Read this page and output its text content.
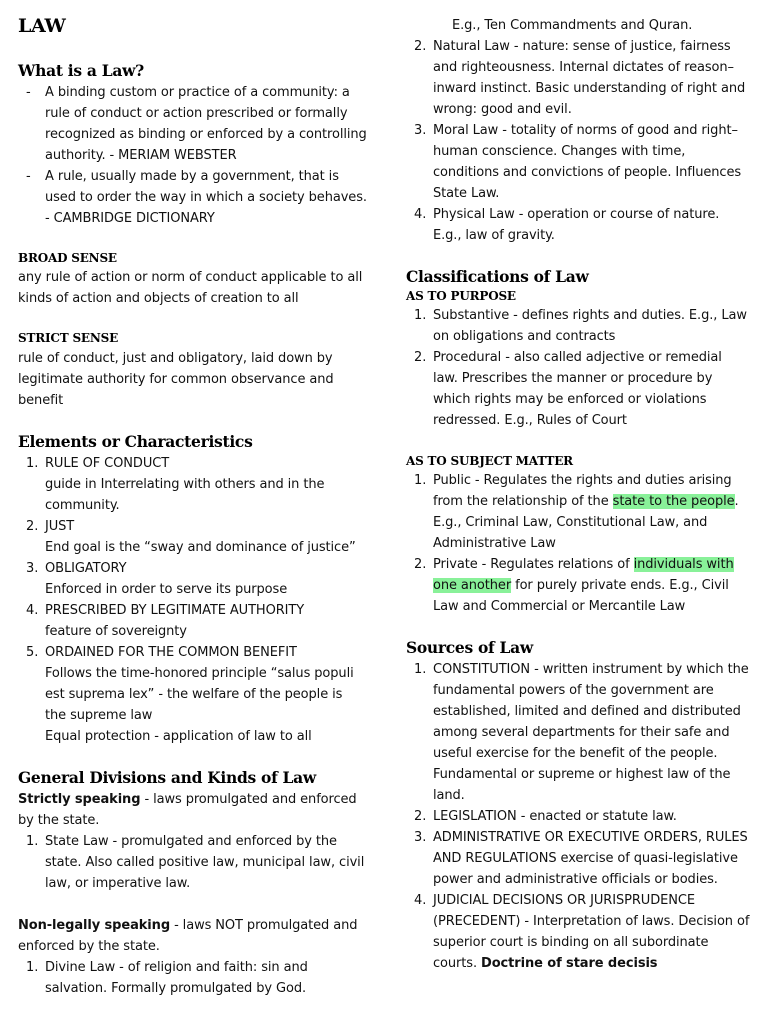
LAW
What is a Law?
- A binding custom or practice of a community: a rule of conduct or action prescribed or formally recognized as binding or enforced by a controlling authority. - MERIAM WEBSTER
- A rule, usually made by a government, that is used to order the way in which a society behaves. - CAMBRIDGE DICTIONARY
BROAD SENSE
any rule of action or norm of conduct applicable to all kinds of action and objects of creation to all
STRICT SENSE
rule of conduct, just and obligatory, laid down by legitimate authority for common observance and benefit
Elements or Characteristics
1. RULE OF CONDUCT
guide in Interrelating with others and in the community.
2. JUST
End goal is the “sway and dominance of justice”
3. OBLIGATORY
Enforced in order to serve its purpose
4. PRESCRIBED BY LEGITIMATE AUTHORITY
feature of sovereignty
5. ORDAINED FOR THE COMMON BENEFIT
Follows the time-honored principle “salus populi est suprema lex” - the welfare of the people is the supreme law
Equal protection - application of law to all
General Divisions and Kinds of Law
Strictly speaking - laws promulgated and enforced by the state.
1. State Law - promulgated and enforced by the state. Also called positive law, municipal law, civil law, or imperative law.
Non-legally speaking - laws NOT promulgated and enforced by the state.
1. Divine Law - of religion and faith: sin and salvation. Formally promulgated by God.
E.g., Ten Commandments and Quran.
2. Natural Law - nature: sense of justice, fairness and righteousness. Internal dictates of reason–inward instinct. Basic understanding of right and wrong: good and evil.
3. Moral Law - totality of norms of good and right–human conscience. Changes with time, conditions and convictions of people. Influences State Law.
4. Physical Law - operation or course of nature. E.g., law of gravity.
Classifications of Law
AS TO PURPOSE
1. Substantive - defines rights and duties. E.g., Law on obligations and contracts
2. Procedural - also called adjective or remedial law. Prescribes the manner or procedure by which rights may be enforced or violations redressed. E.g., Rules of Court
AS TO SUBJECT MATTER
1. Public - Regulates the rights and duties arising from the relationship of the state to the people. E.g., Criminal Law, Constitutional Law, and Administrative Law
2. Private - Regulates relations of individuals with one another for purely private ends. E.g., Civil Law and Commercial or Mercantile Law
Sources of Law
1. CONSTITUTION - written instrument by which the fundamental powers of the government are established, limited and defined and distributed among several departments for their safe and useful exercise for the benefit of the people. Fundamental or supreme or highest law of the land.
2. LEGISLATION - enacted or statute law.
3. ADMINISTRATIVE OR EXECUTIVE ORDERS, RULES AND REGULATIONS exercise of quasi-legislative power and administrative officials or bodies.
4. JUDICIAL DECISIONS OR JURISPRUDENCE (PRECEDENT) - Interpretation of laws. Decision of superior court is binding on all subordinate courts. Doctrine of stare decisis
